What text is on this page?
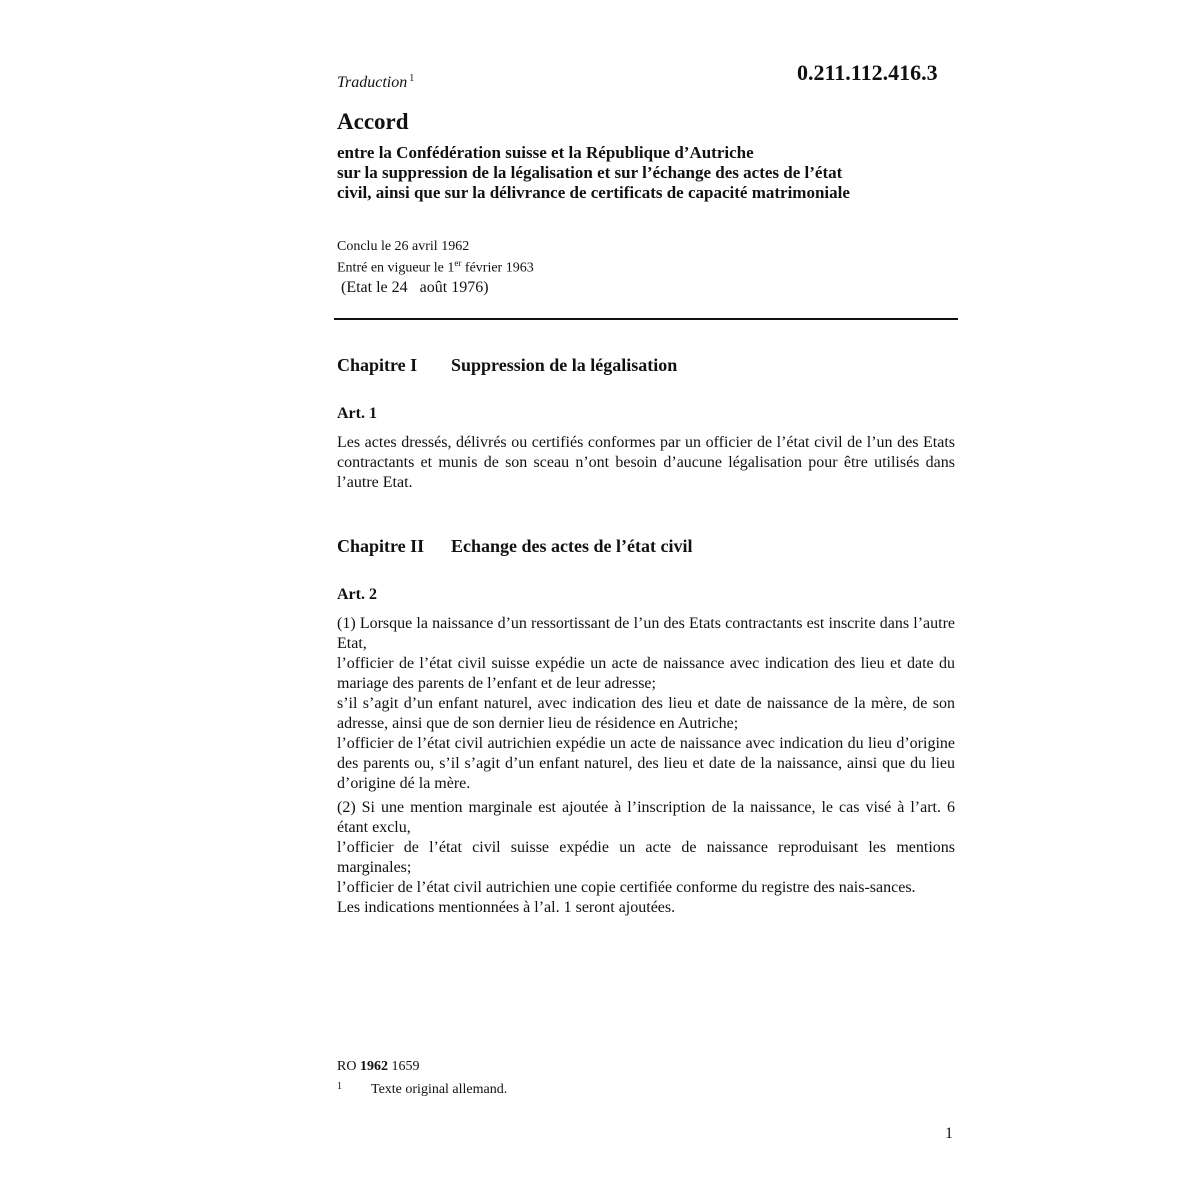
Traduction $^1$	0.211.112.416.3
Accord
entre la Confédération suisse et la République d’Autriche
sur la suppression de la légalisation et sur l’échange des actes de l’état
civil, ainsi que sur la délivrance de certificats de capacité matrimoniale
Conclu le 26 avril 1962
Entré en vigueur le 1er février 1963
(Etat le 24   août 1976)
Chapitre I Suppression de la légalisation
Art. 1

Les actes dressés, délivrés ou certifiés conformes par un officier de l’état civil de l’un des Etats contractants et munis de son sceau n’ont besoin d’aucune légalisation pour être utilisés dans l’autre Etat.

Chapitre II Echange des actes de l’état civil
Art. 2

(1) Lorsque la naissance d’un ressortissant de l’un des Etats contractants est inscrite dans l’autre Etat,

l’officier de l’état civil suisse expédie un acte de naissance avec indication des lieu et date du mariage des parents de l’enfant et de leur adresse;

s’il s’agit d’un enfant naturel, avec indication des lieu et date de naissance de la mère, de son adresse, ainsi que de son dernier lieu de résidence en Autriche;

l’officier de l’état civil autrichien expédie un acte de naissance avec indication du lieu d’origine des parents ou, s’il s’agit d’un enfant naturel, des lieu et date de la naissance, ainsi que du lieu d’origine dé la mère.

(2) Si une mention marginale est ajoutée à l’inscription de la naissance, le cas visé à l’art. 6 étant exclu,

l’officier de l’état civil suisse expédie un acte de naissance reproduisant les mentions marginales;

l’officier de l’état civil autrichien une copie certifiée conforme du registre des nais-sances.

Les indications mentionnées à l’al. 1 seront ajoutées.

RO 1962 1659
1 Texte original allemand.
1
